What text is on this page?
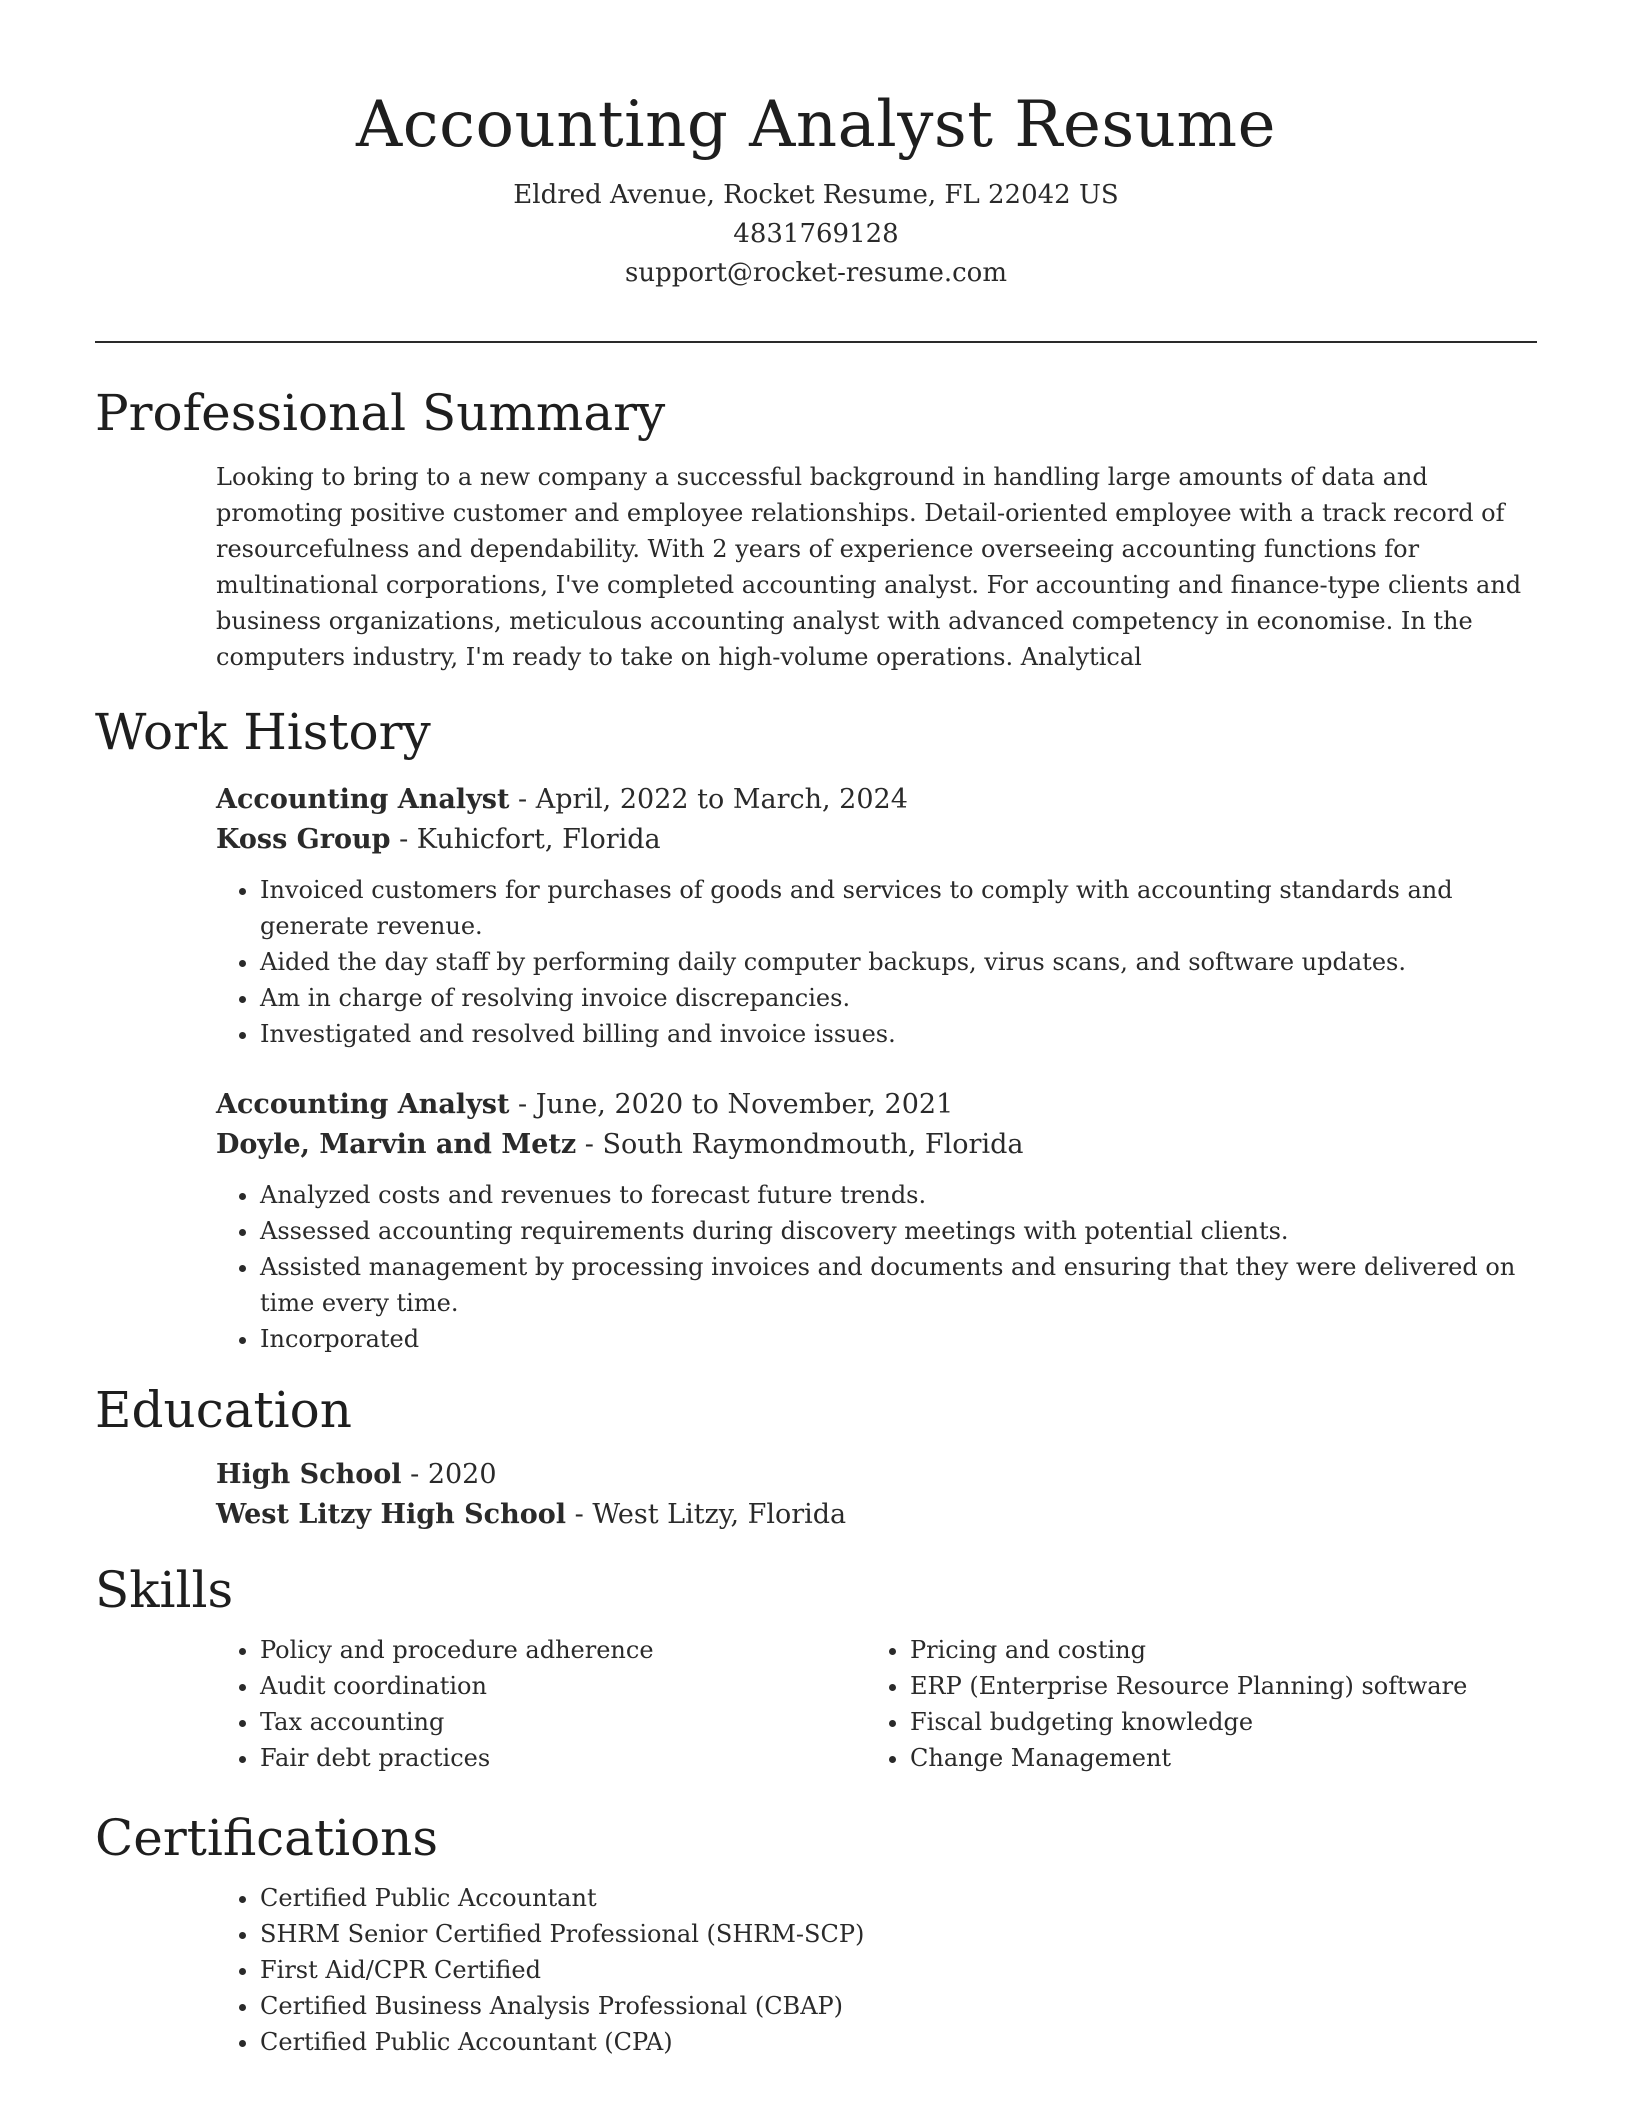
Accounting Analyst Resume
Eldred Avenue, Rocket Resume, FL 22042 US
4831769128
support@rocket-resume.com
Professional Summary

Looking to bring to a new company a successful background in handling large amounts of data and promoting positive customer and employee relationships. Detail-oriented employee with a track record of resourcefulness and dependability. With 2 years of experience overseeing accounting functions for multinational corporations, I've completed accounting analyst. For accounting and finance-type clients and business organizations, meticulous accounting analyst with advanced competency in economise. In the computers industry, I'm ready to take on high-volume operations. Analytical

Work History
Accounting Analyst - April, 2022 to March, 2024
Koss Group - Kuhicfort, Florida
• Invoiced customers for purchases of goods and services to comply with accounting standards and generate revenue.
• Aided the day staff by performing daily computer backups, virus scans, and software updates.
• Am in charge of resolving invoice discrepancies.
• Investigated and resolved billing and invoice issues.
Accounting Analyst - June, 2020 to November, 2021
Doyle, Marvin and Metz - South Raymondmouth, Florida
• Analyzed costs and revenues to forecast future trends.
• Assessed accounting requirements during discovery meetings with potential clients.
• Assisted management by processing invoices and documents and ensuring that they were delivered on time every time.
• Incorporated
Education
High School - 2020
West Litzy High School - West Litzy, Florida
Skills
• Policy and procedure adherence
• Audit coordination
• Tax accounting
• Fair debt practices
• Pricing and costing
• ERP (Enterprise Resource Planning) software
• Fiscal budgeting knowledge
• Change Management
Certifications
• Certified Public Accountant
• SHRM Senior Certified Professional (SHRM-SCP)
• First Aid/CPR Certified
• Certified Business Analysis Professional (CBAP)
• Certified Public Accountant (CPA)
